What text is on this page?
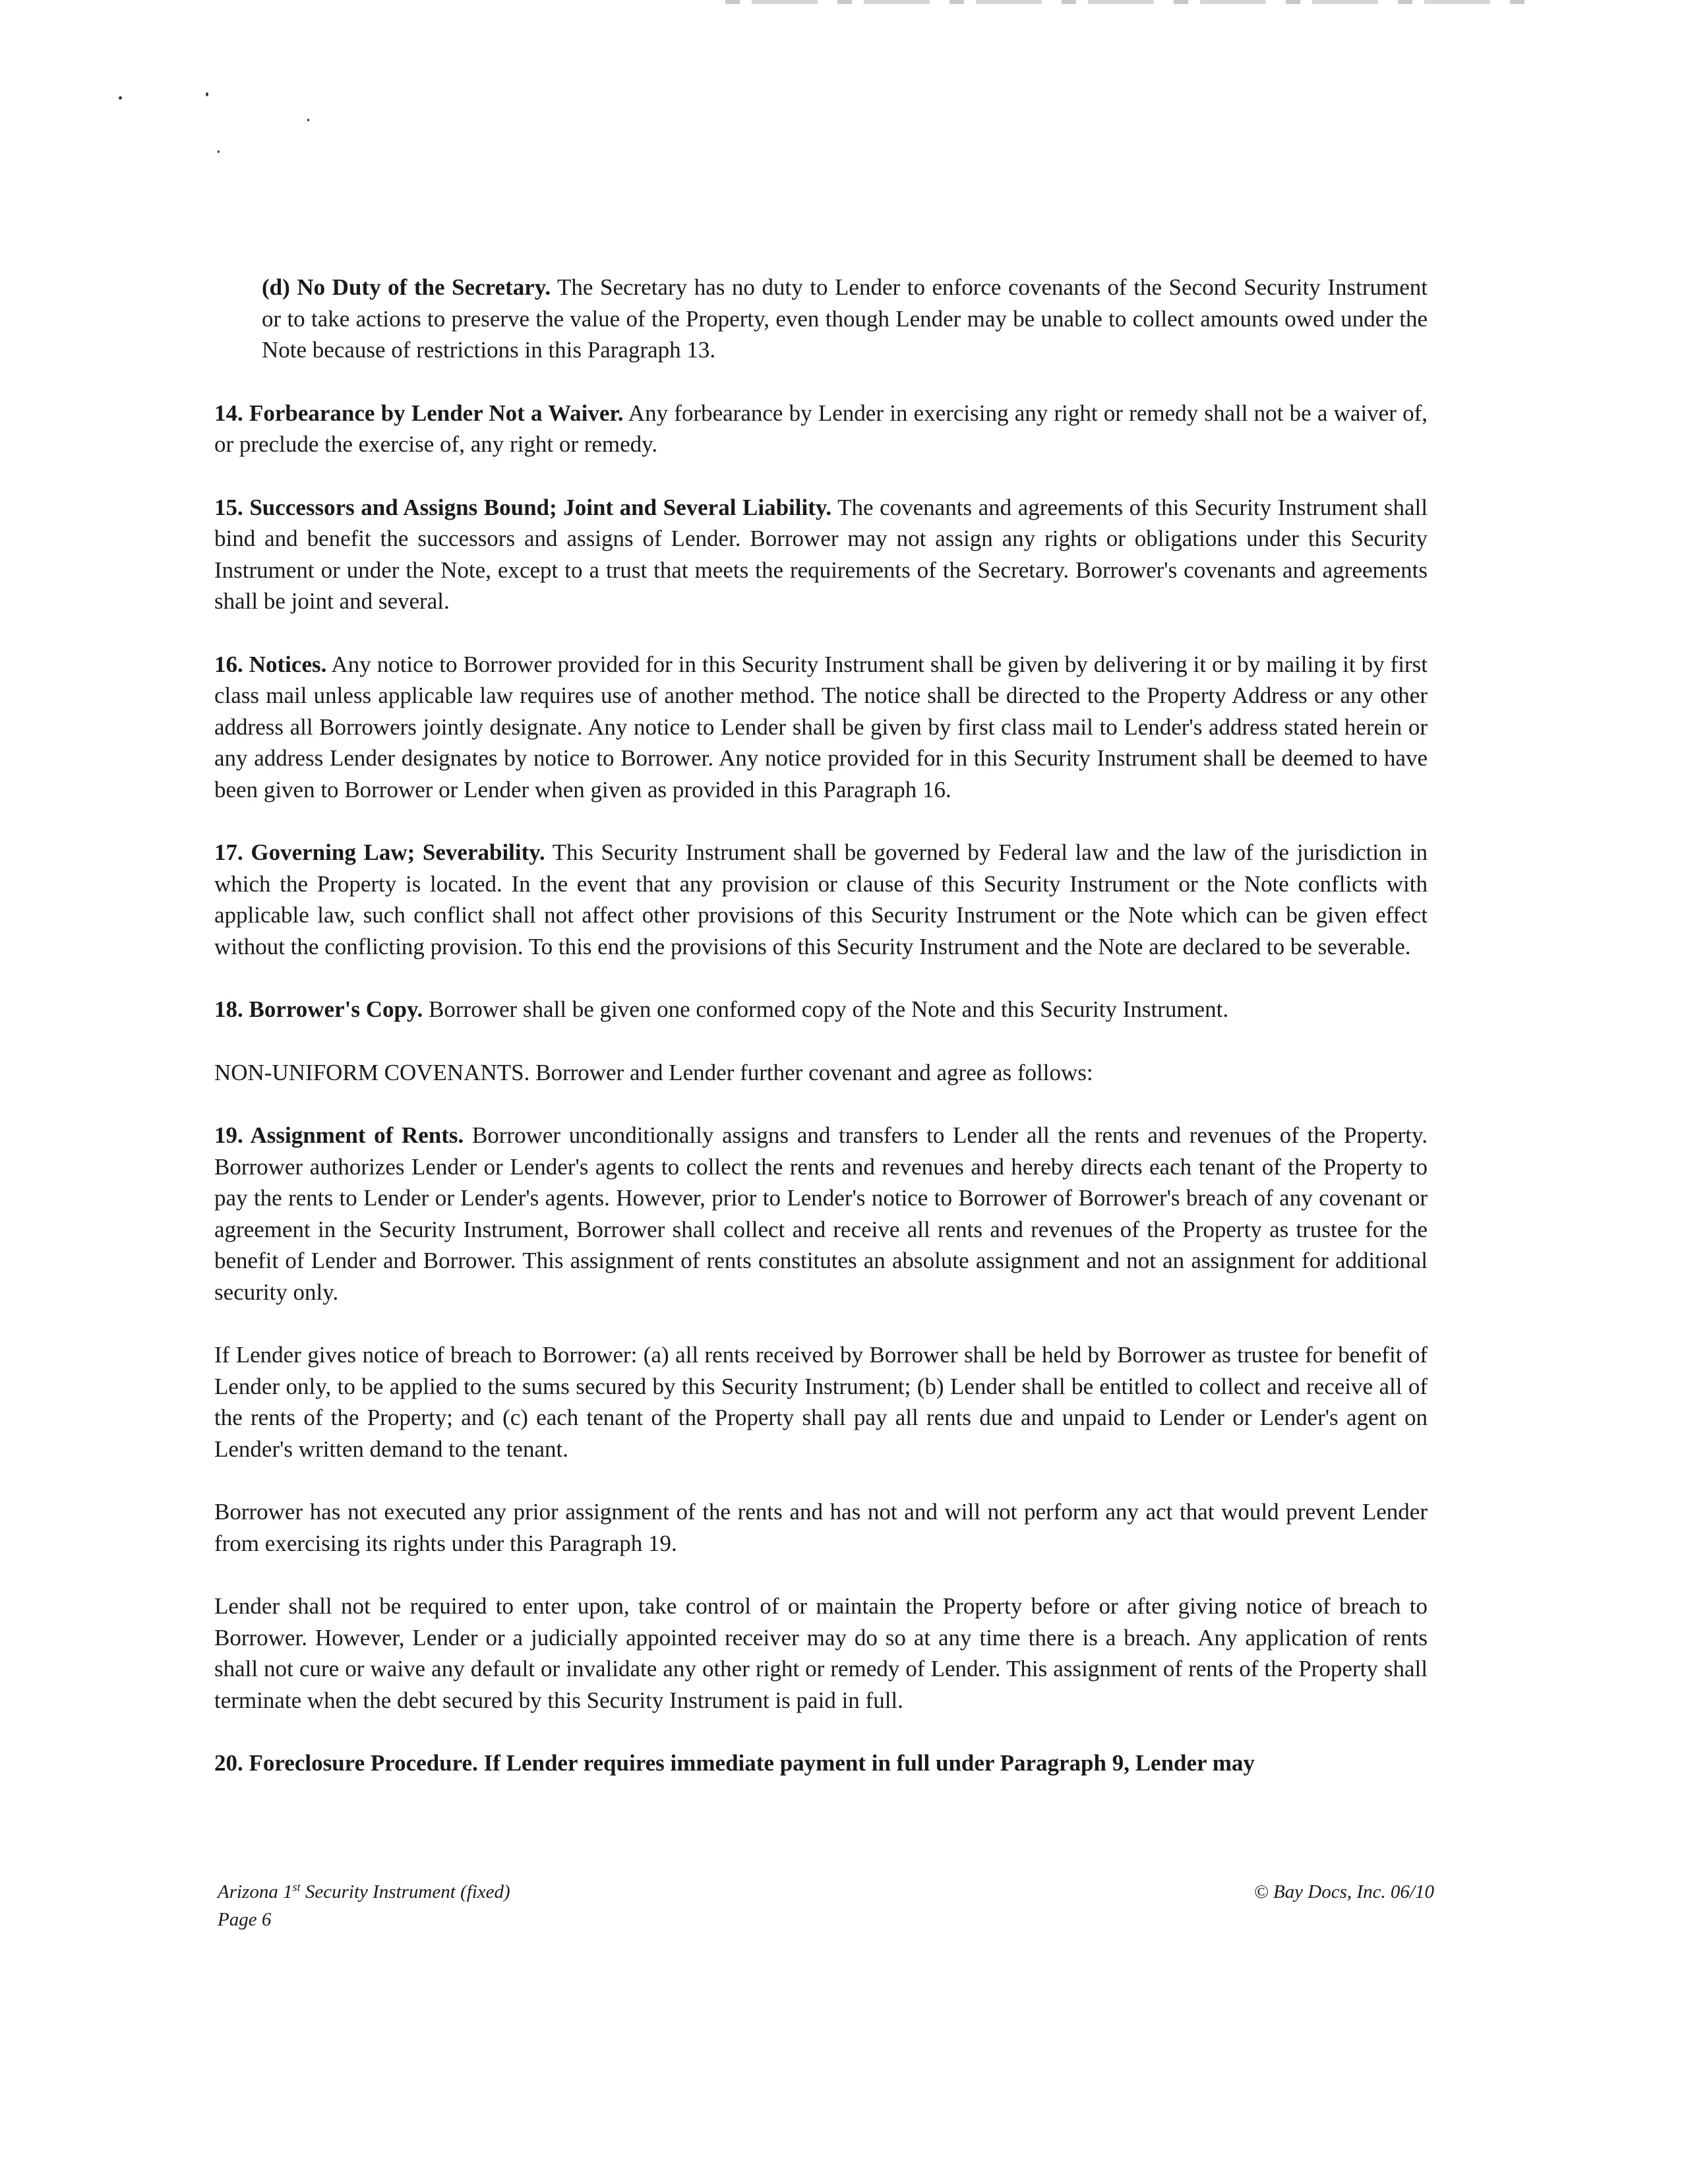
(d) No Duty of the Secretary. The Secretary has no duty to Lender to enforce covenants of the Second Security Instrument or to take actions to preserve the value of the Property, even though Lender may be unable to collect amounts owed under the Note because of restrictions in this Paragraph 13.

14. Forbearance by Lender Not a Waiver. Any forbearance by Lender in exercising any right or remedy shall not be a waiver of, or preclude the exercise of, any right or remedy.

15. Successors and Assigns Bound; Joint and Several Liability. The covenants and agreements of this Security Instrument shall bind and benefit the successors and assigns of Lender. Borrower may not assign any rights or obligations under this Security Instrument or under the Note, except to a trust that meets the requirements of the Secretary. Borrower's covenants and agreements shall be joint and several.

16. Notices. Any notice to Borrower provided for in this Security Instrument shall be given by delivering it or by mailing it by first class mail unless applicable law requires use of another method. The notice shall be directed to the Property Address or any other address all Borrowers jointly designate. Any notice to Lender shall be given by first class mail to Lender's address stated herein or any address Lender designates by notice to Borrower. Any notice provided for in this Security Instrument shall be deemed to have been given to Borrower or Lender when given as provided in this Paragraph 16.

17. Governing Law; Severability. This Security Instrument shall be governed by Federal law and the law of the jurisdiction in which the Property is located. In the event that any provision or clause of this Security Instrument or the Note conflicts with applicable law, such conflict shall not affect other provisions of this Security Instrument or the Note which can be given effect without the conflicting provision. To this end the provisions of this Security Instrument and the Note are declared to be severable.

18. Borrower's Copy. Borrower shall be given one conformed copy of the Note and this Security Instrument.

NON-UNIFORM COVENANTS. Borrower and Lender further covenant and agree as follows:

19. Assignment of Rents. Borrower unconditionally assigns and transfers to Lender all the rents and revenues of the Property. Borrower authorizes Lender or Lender's agents to collect the rents and revenues and hereby directs each tenant of the Property to pay the rents to Lender or Lender's agents. However, prior to Lender's notice to Borrower of Borrower's breach of any covenant or agreement in the Security Instrument, Borrower shall collect and receive all rents and revenues of the Property as trustee for the benefit of Lender and Borrower. This assignment of rents constitutes an absolute assignment and not an assignment for additional security only.

If Lender gives notice of breach to Borrower: (a) all rents received by Borrower shall be held by Borrower as trustee for benefit of Lender only, to be applied to the sums secured by this Security Instrument; (b) Lender shall be entitled to collect and receive all of the rents of the Property; and (c) each tenant of the Property shall pay all rents due and unpaid to Lender or Lender's agent on Lender's written demand to the tenant.

Borrower has not executed any prior assignment of the rents and has not and will not perform any act that would prevent Lender from exercising its rights under this Paragraph 19.

Lender shall not be required to enter upon, take control of or maintain the Property before or after giving notice of breach to Borrower. However, Lender or a judicially appointed receiver may do so at any time there is a breach. Any application of rents shall not cure or waive any default or invalidate any other right or remedy of Lender. This assignment of rents of the Property shall terminate when the debt secured by this Security Instrument is paid in full.

20. Foreclosure Procedure. If Lender requires immediate payment in full under Paragraph 9, Lender may

Arizona 1st Security Instrument (fixed)
Page 6
© Bay Docs, Inc. 06/10
